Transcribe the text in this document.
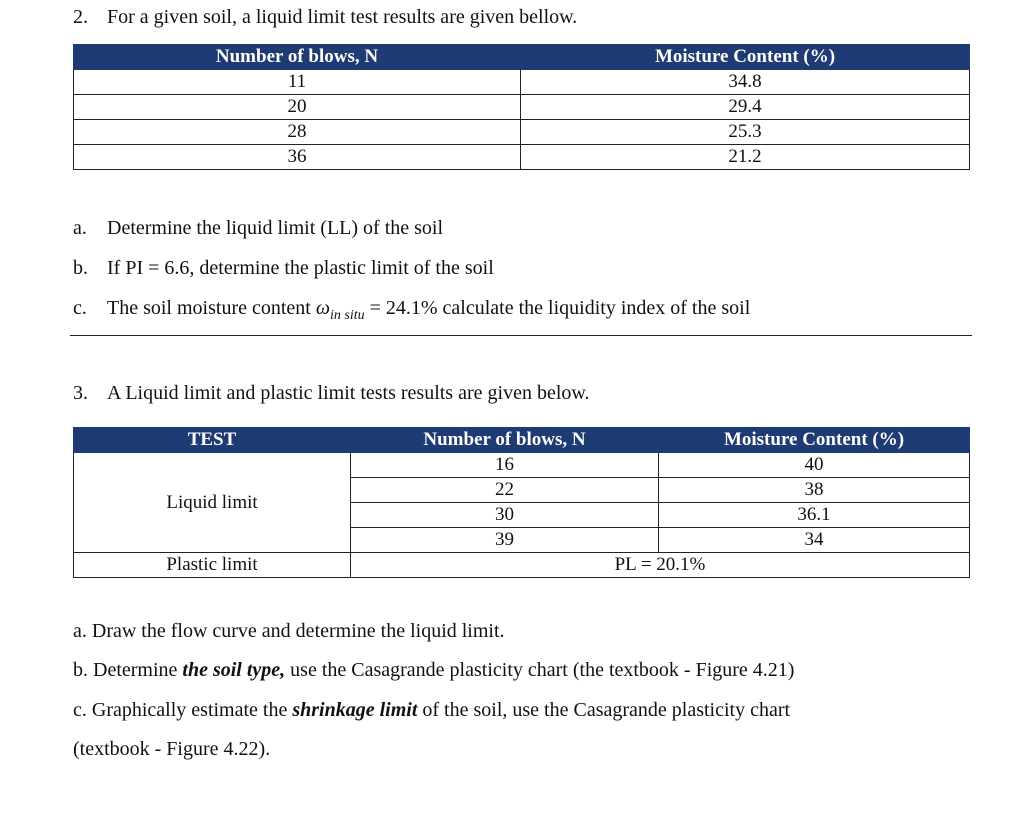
2. For a given soil, a liquid limit test results are given bellow.
Number of blows, N	Moisture Content (%)
11	34.8
20	29.4
28	25.3
36	21.2
a. Determine the liquid limit (LL) of the soil
b. If PI = 6.6, determine the plastic limit of the soil
c. The soil moisture content $\omega_{in situ} = 24.1\%$ calculate the liquidity index of the soil
3. A Liquid limit and plastic limit tests results are given below.
TEST	Number of blows, N	Moisture Content (%)
Liquid limit	16	40
	22	38
	30	36.1
	39	34
Plastic limit	PL = 20.1%	
a. Draw the flow curve and determine the liquid limit.
b. Determine the soil type, use the Casagrande plasticity chart (the textbook - Figure 4.21)
c. Graphically estimate the shrinkage limit of the soil, use the Casagrande plasticity chart
(textbook - Figure 4.22).
